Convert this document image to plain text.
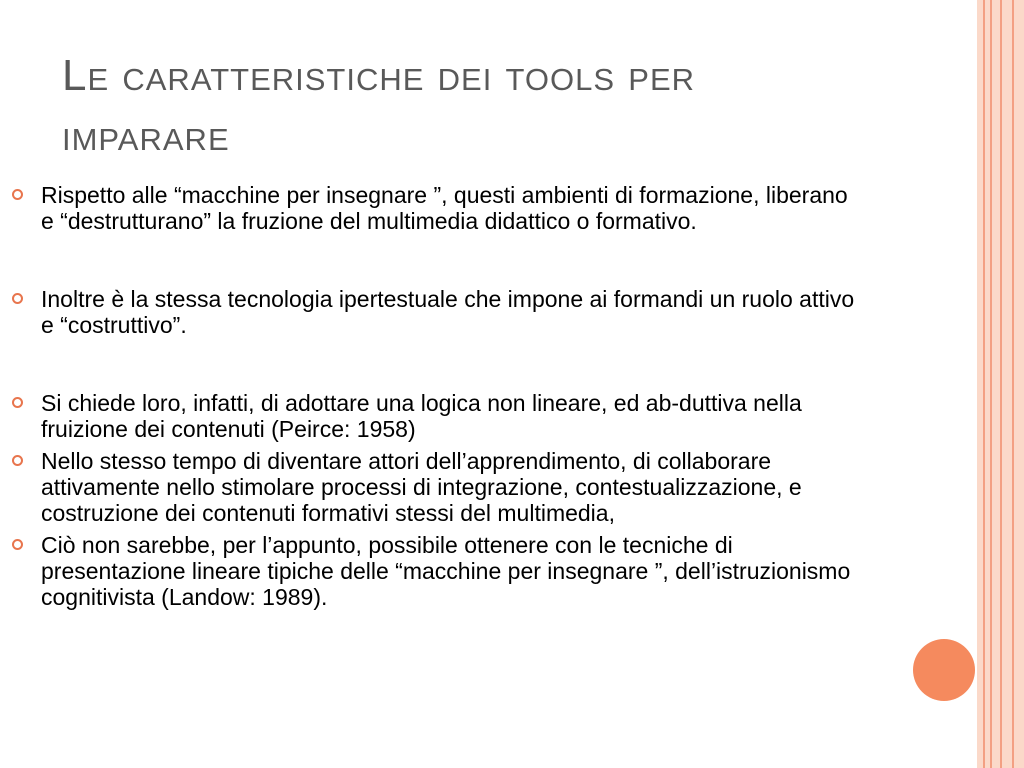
Le caratteristiche dei tools per imparare
Rispetto alle “macchine per insegnare ”, questi ambienti di formazione, liberano e “destrutturano” la fruzione del multimedia didattico o formativo.
Inoltre è la stessa tecnologia ipertestuale che impone ai formandi un ruolo attivo e “costruttivo”.
Si chiede loro, infatti, di adottare una logica non lineare, ed ab-duttiva nella fruizione dei contenuti (Peirce: 1958)
Nello stesso tempo di diventare attori dell’apprendimento, di collaborare attivamente nello stimolare processi di integrazione, contestualizzazione, e costruzione dei contenuti formativi stessi del multimedia,
Ciò non sarebbe, per l’appunto, possibile ottenere con le tecniche di presentazione lineare tipiche delle “macchine per insegnare ”, dell’istruzionismo cognitivista (Landow: 1989).
